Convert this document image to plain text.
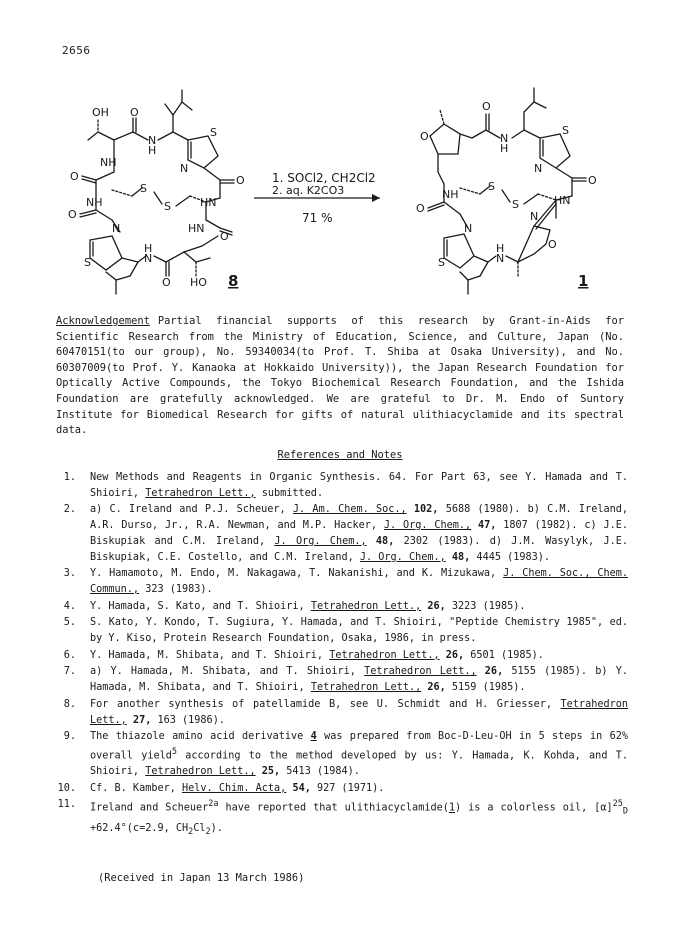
2656
OH O
N
H
S
N
O
O
NH
NH
S
S	HN
O
HN
O
N
S
H
N
O HO
O
O	N
H
S
N
O
O
NH
S
S	HN
N
S
H
N
N
O
8	1
1. SOCl2, CH2Cl2
2. aq. K2CO3
71 %
Acknowledgement Partial financial supports of this research by Grant-in-Aids for Scientific Research from the Ministry of Education, Science, and Culture, Japan (No. 60470151(to our group), No. 59340034(to Prof. T. Shiba at Osaka University), and No. 60307009(to Prof. Y. Kanaoka at Hokkaido University)), the Japan Research Foundation for Optically Active Compounds, the Tokyo Biochemical Research Foundation, and the Ishida Foundation are gratefully acknowledged. We are grateful to Dr. M. Endo of Suntory Institute for Biomedical Research for gifts of natural ulithiacyclamide and its spectral data.
References and Notes
1. New Methods and Reagents in Organic Synthesis. 64. For Part 63, see Y. Hamada and T. Shioiri, Tetrahedron Lett., submitted.
2. a) C. Ireland and P.J. Scheuer, J. Am. Chem. Soc., 102, 5688 (1980). b) C.M. Ireland, A.R. Durso, Jr., R.A. Newman, and M.P. Hacker, J. Org. Chem., 47, 1807 (1982). c) J.E. Biskupiak and C.M. Ireland, J. Org. Chem., 48, 2302 (1983). d) J.M. Wasylyk, J.E. Biskupiak, C.E. Costello, and C.M. Ireland, J. Org. Chem., 48, 4445 (1983).
3. Y. Hamamoto, M. Endo, M. Nakagawa, T. Nakanishi, and K. Mizukawa, J. Chem. Soc., Chem. Commun., 323 (1983).
4. Y. Hamada, S. Kato, and T. Shioiri, Tetrahedron Lett., 26, 3223 (1985).
5. S. Kato, Y. Kondo, T. Sugiura, Y. Hamada, and T. Shioiri, "Peptide Chemistry 1985", ed. by Y. Kiso, Protein Research Foundation, Osaka, 1986, in press.
6. Y. Hamada, M. Shibata, and T. Shioiri, Tetrahedron Lett., 26, 6501 (1985).
7. a) Y. Hamada, M. Shibata, and T. Shioiri, Tetrahedron Lett., 26, 5155 (1985). b) Y. Hamada, M. Shibata, and T. Shioiri, Tetrahedron Lett., 26, 5159 (1985).
8. For another synthesis of patellamide B, see U. Schmidt and H. Griesser, Tetrahedron Lett., 27, 163 (1986).
9. The thiazole amino acid derivative 4 was prepared from Boc-D-Leu-OH in 5 steps in 62% overall yield$^5$ according to the method developed by us: Y. Hamada, K. Kohda, and T. Shioiri, Tetrahedron Lett., 25, 5413 (1984).
10. Cf. B. Kamber, Helv. Chim. Acta, 54, 927 (1971).
11. Ireland and Scheuer$^{2a}$ have reported that ulithiacyclamide(1) is a colorless oil, $[\alpha]^{25}_D +62.4^\circ(c=2.9$, $CH_2Cl_2$).
(Received in Japan 13 March 1986)
